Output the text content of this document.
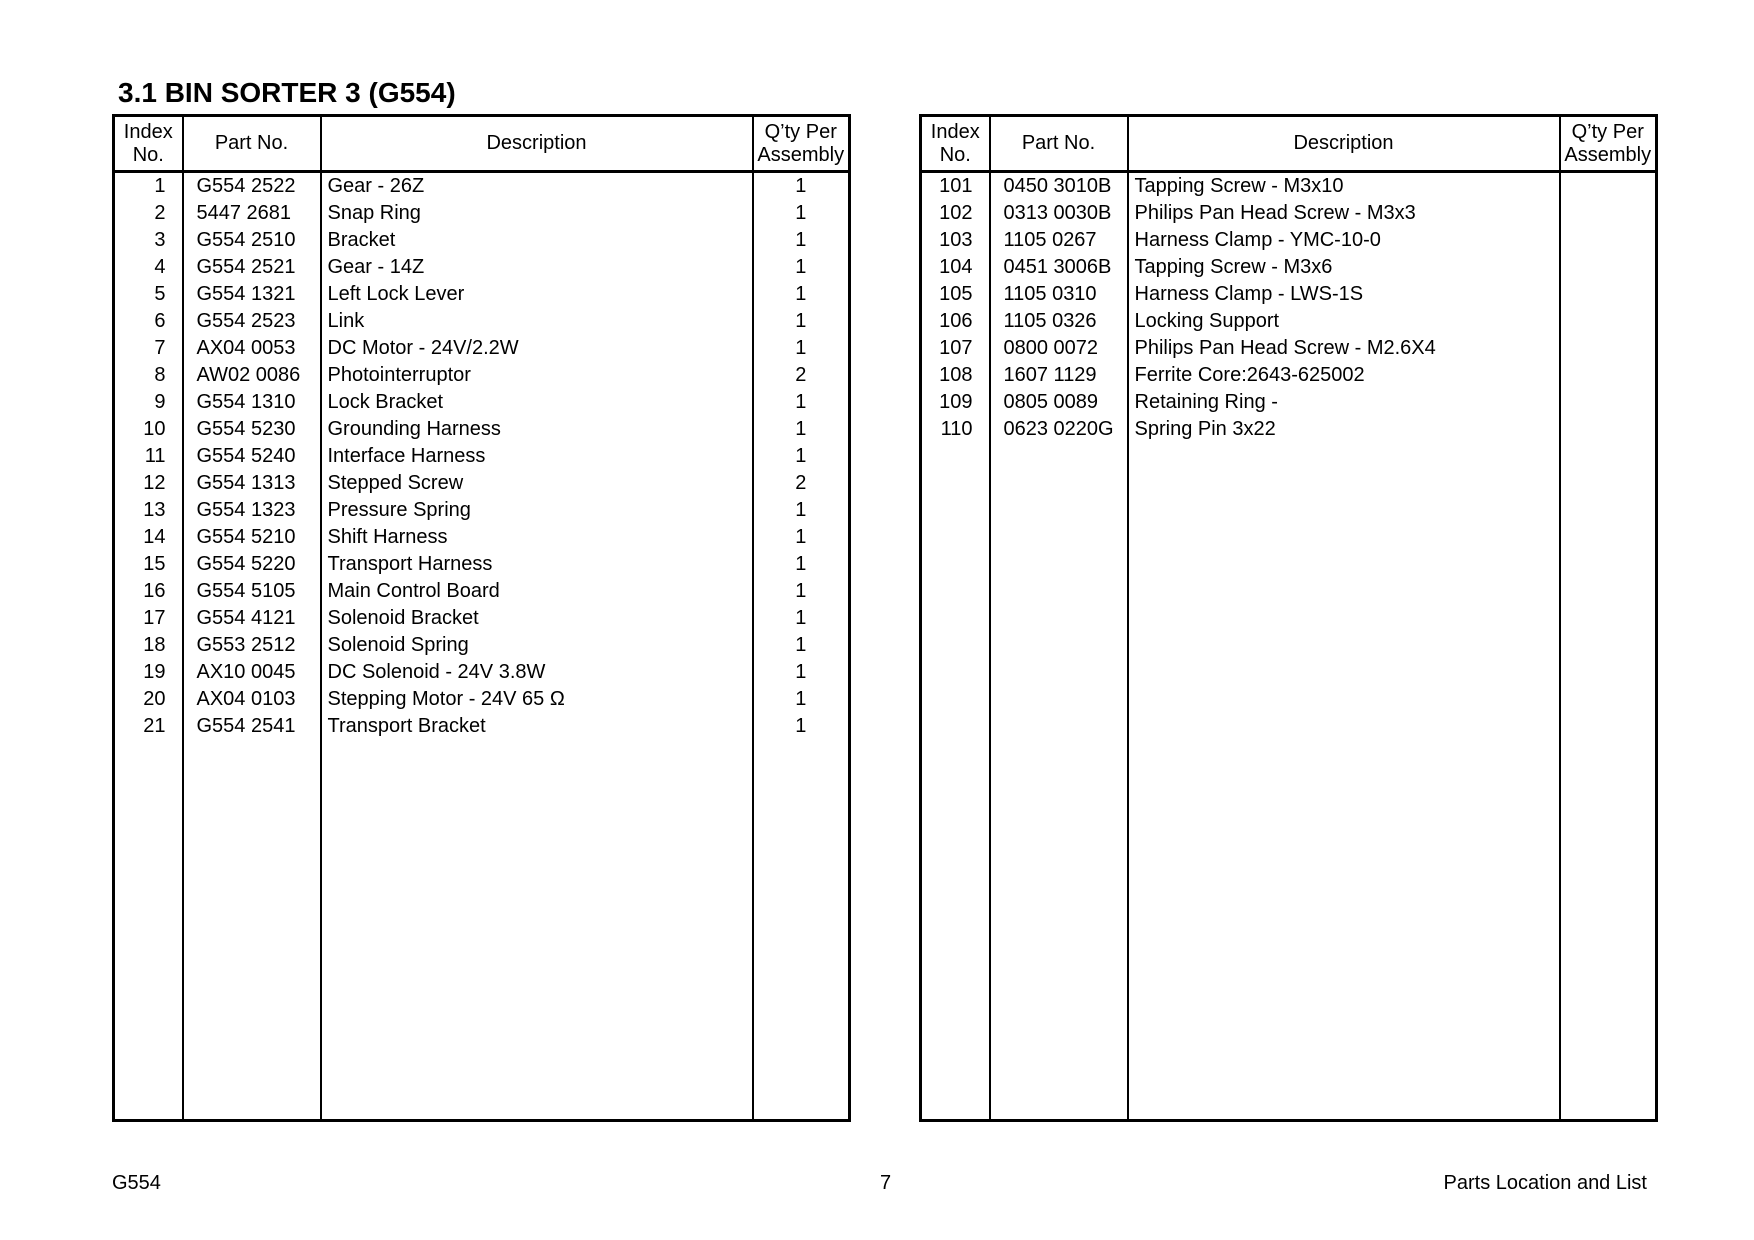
3.1 BIN SORTER 3 (G554)
Index
No.	Part No.	Description	Q’ty Per
Assembly
1	G554 2522	Gear - 26Z	1
2	5447 2681	Snap Ring	1
3	G554 2510	Bracket	1
4	G554 2521	Gear - 14Z	1
5	G554 1321	Left Lock Lever	1
6	G554 2523	Link	1
7	AX04 0053	DC Motor - 24V/2.2W	1
8	AW02 0086	Photointerruptor	2
9	G554 1310	Lock Bracket	1
10	G554 5230	Grounding Harness	1
11	G554 5240	Interface Harness	1
12	G554 1313	Stepped Screw	2
13	G554 1323	Pressure Spring	1
14	G554 5210	Shift Harness	1
15	G554 5220	Transport Harness	1
16	G554 5105	Main Control Board	1
17	G554 4121	Solenoid Bracket	1
18	G553 2512	Solenoid Spring	1
19	AX10 0045	DC Solenoid - 24V 3.8W	1
20	AX04 0103	Stepping Motor - 24V 65 Ω	1
21	G554 2541	Transport Bracket	1

Index
No.	Part No.	Description	Q’ty Per
Assembly
101	0450 3010B	Tapping Screw - M3x10	
102	0313 0030B	Philips Pan Head Screw - M3x3	
103	1105 0267	Harness Clamp - YMC-10-0	
104	0451 3006B	Tapping Screw - M3x6	
105	1105 0310	Harness Clamp - LWS-1S	
106	1105 0326	Locking Support	
107	0800 0072	Philips Pan Head Screw - M2.6X4	
108	1607 1129	Ferrite Core:2643-625002	
109	0805 0089	Retaining Ring -	
110	0623 0220G	Spring Pin 3x22	

G554	7	Parts Location and List
